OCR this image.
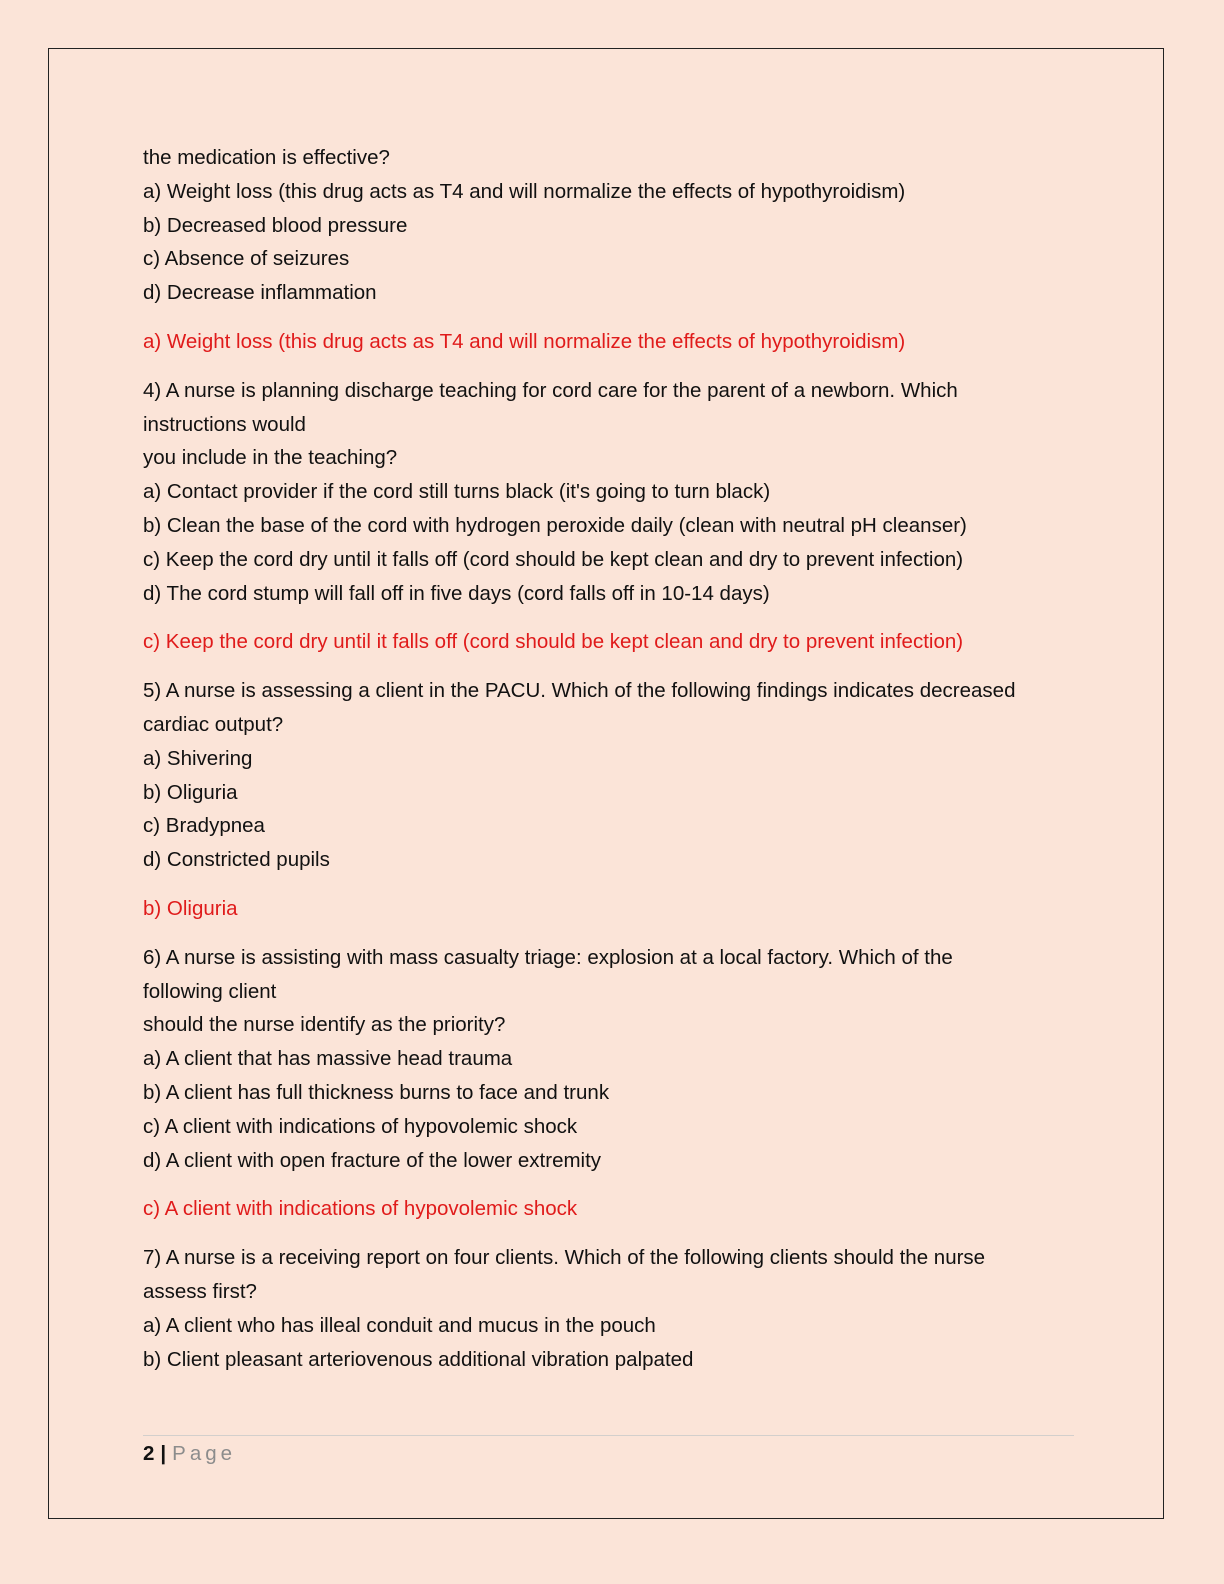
the medication is effective?
a) Weight loss (this drug acts as T4 and will normalize the effects of hypothyroidism)
b) Decreased blood pressure
c) Absence of seizures
d) Decrease inflammation
a) Weight loss (this drug acts as T4 and will normalize the effects of hypothyroidism)
4) A nurse is planning discharge teaching for cord care for the parent of a newborn. Which
instructions would
you include in the teaching?
a) Contact provider if the cord still turns black (it's going to turn black)
b) Clean the base of the cord with hydrogen peroxide daily (clean with neutral pH cleanser)
c) Keep the cord dry until it falls off (cord should be kept clean and dry to prevent infection)
d) The cord stump will fall off in five days (cord falls off in 10-14 days)
c) Keep the cord dry until it falls off (cord should be kept clean and dry to prevent infection)
5) A nurse is assessing a client in the PACU. Which of the following findings indicates decreased
cardiac output?
a) Shivering
b) Oliguria
c) Bradypnea
d) Constricted pupils
b) Oliguria
6) A nurse is assisting with mass casualty triage: explosion at a local factory. Which of the
following client
should the nurse identify as the priority?
a) A client that has massive head trauma
b) A client has full thickness burns to face and trunk
c) A client with indications of hypovolemic shock
d) A client with open fracture of the lower extremity
c) A client with indications of hypovolemic shock
7) A nurse is a receiving report on four clients. Which of the following clients should the nurse
assess first?
a) A client who has illeal conduit and mucus in the pouch
b) Client pleasant arteriovenous additional vibration palpated
2 | Page
